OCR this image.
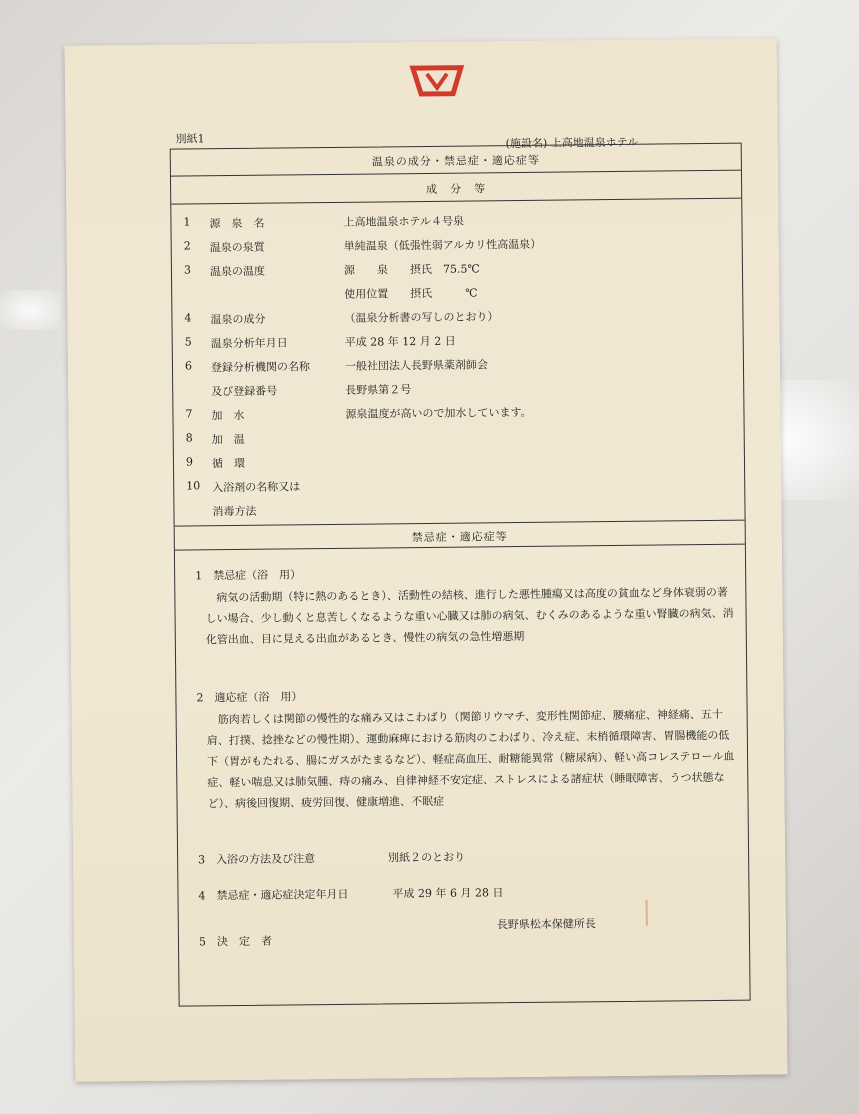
別紙1	(施設名) 上高地温泉ホテル
温泉の成分・禁忌症・適応症等
成　分　等
1 源　泉　名	上高地温泉ホテル４号泉
2 温泉の泉質	単純温泉（低張性弱アルカリ性高温泉）
3 温泉の温度	源　　泉　　摂氏　75.5℃
使用位置　　摂氏　　　℃
4 温泉の成分	（温泉分析書の写しのとおり）
5 温泉分析年月日	平成 28 年 12 月 2 日
6 登録分析機関の名称	一般社団法人長野県薬剤師会
及び登録番号	長野県第２号
7 加　水	源泉温度が高いので加水しています。
8 加　温
9 循　環
10 入浴剤の名称又は
消毒方法
禁忌症・適応症等
1　禁忌症（浴　用）
病気の活動期（特に熱のあるとき）、活動性の結核、進行した悪性腫瘍又は高度の貧血など身体衰弱の著しい場合、少し動くと息苦しくなるような重い心臓又は肺の病気、むくみのあるような重い腎臓の病気、消化管出血、目に見える出血があるとき、慢性の病気の急性増悪期
2　適応症（浴　用）
筋肉若しくは関節の慢性的な痛み又はこわばり（関節リウマチ、変形性関節症、腰痛症、神経痛、五十肩、打撲、捻挫などの慢性期）、運動麻痺における筋肉のこわばり、冷え症、末梢循環障害、胃腸機能の低下（胃がもたれる、腸にガスがたまるなど）、軽症高血圧、耐糖能異常（糖尿病）、軽い高コレステロール血症、軽い喘息又は肺気腫、痔の痛み、自律神経不安定症、ストレスによる諸症状（睡眠障害、うつ状態など）、病後回復期、疲労回復、健康増進、不眠症
3　入浴の方法及び注意	別紙２のとおり
4　禁忌症・適応症決定年月日	平成 29 年 6 月 28 日
5　決　定　者
長野県松本保健所長
